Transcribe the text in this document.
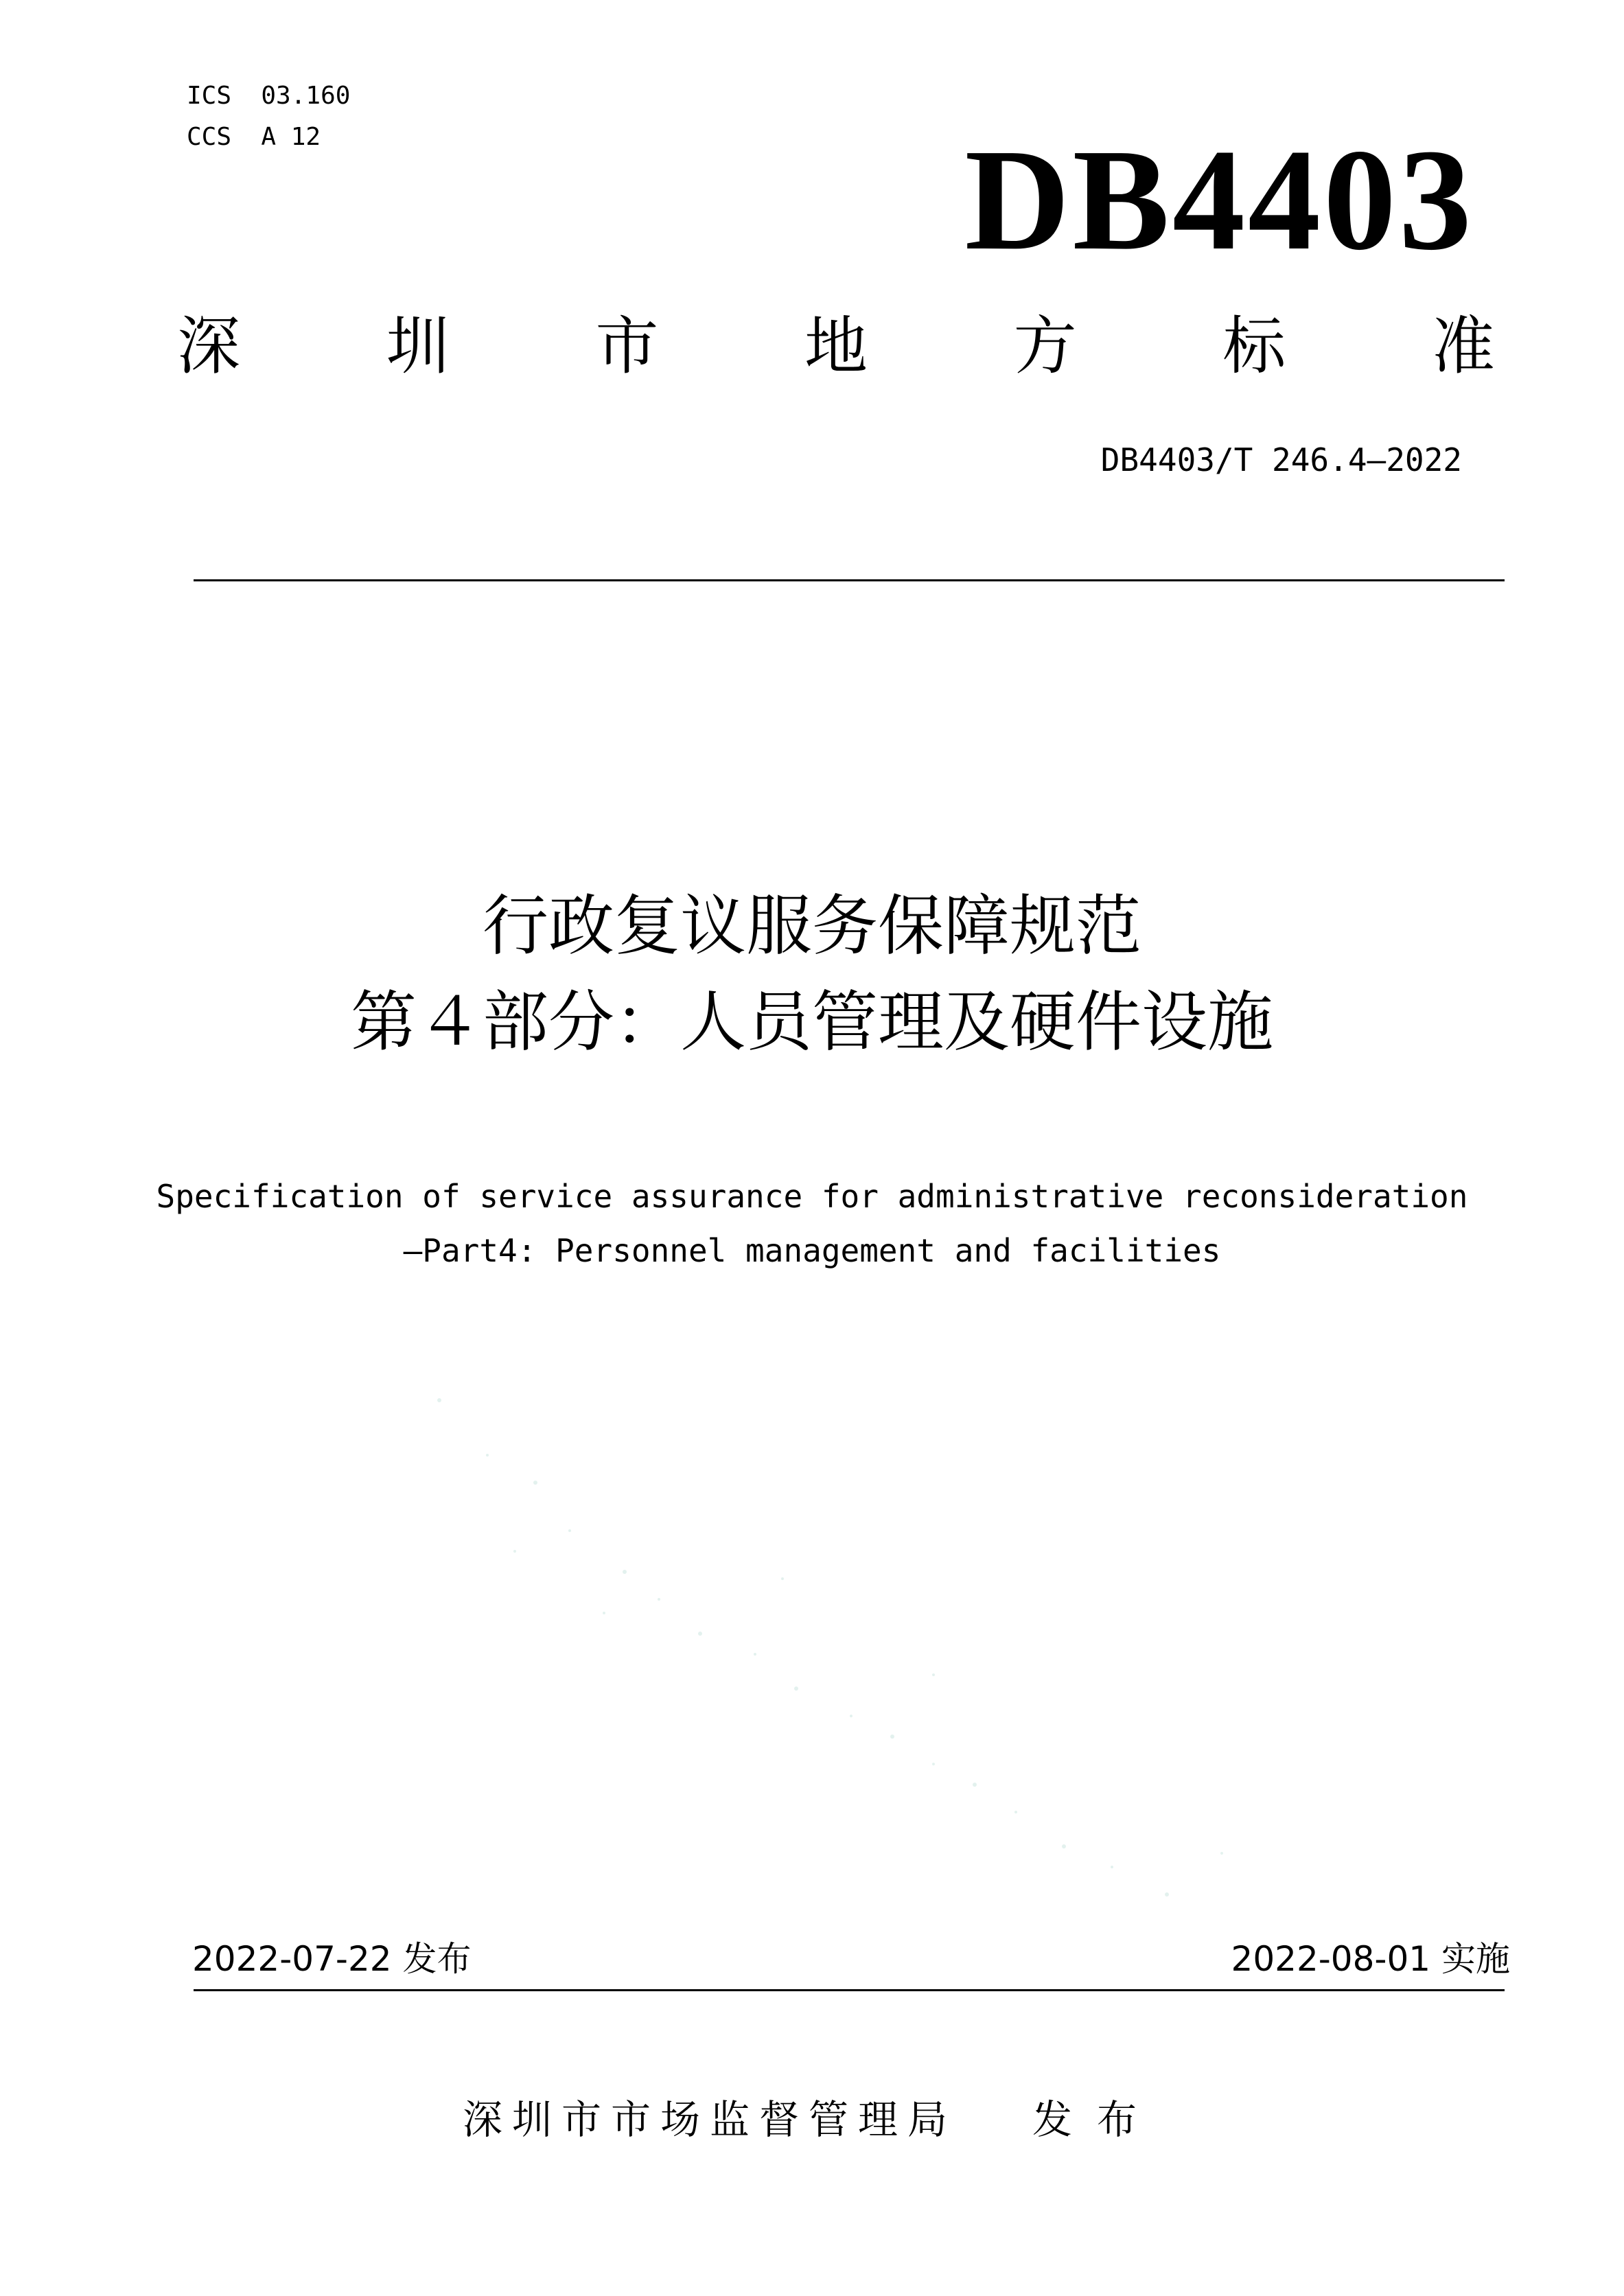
ICS  03.160
CCS  A 12	DB4403
深 圳 市 地 方 标 准
DB4403/T 246.4—2022
行政复议服务保障规范
第４部分：人员管理及硬件设施
Specification of service assurance for administrative reconsideration
—Part4: Personnel management and facilities
2022-07-22 发布	2022-08-01 实施
深圳市市场监督管理局 发布
